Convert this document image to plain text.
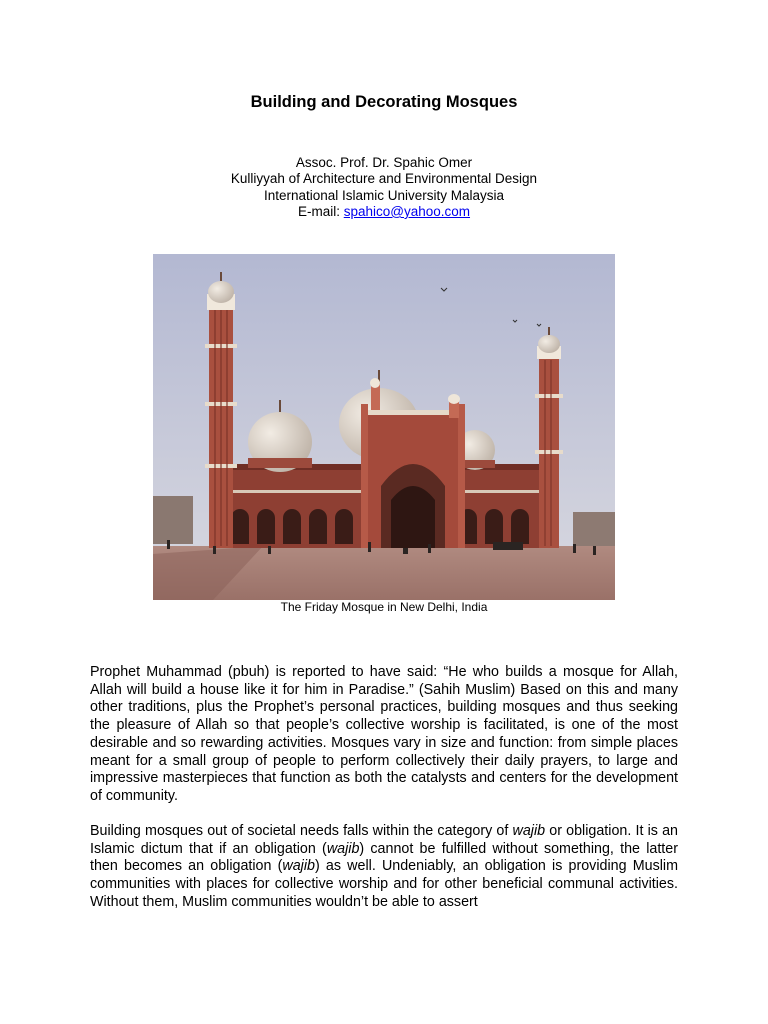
Building and Decorating Mosques
Assoc. Prof. Dr. Spahic Omer
Kulliyyah of Architecture and Environmental Design
International Islamic University Malaysia
E-mail: spahico@yahoo.com
The Friday Mosque in New Delhi, India

Prophet Muhammad (pbuh) is reported to have said: “He who builds a mosque for Allah, Allah will build a house like it for him in Paradise.” (Sahih Muslim) Based on this and many other traditions, plus the Prophet’s personal practices, building mosques and thus seeking the pleasure of Allah so that people’s collective worship is facilitated, is one of the most desirable and so rewarding activities. Mosques vary in size and function: from simple places meant for a small group of people to perform collectively their daily prayers, to large and impressive masterpieces that function as both the catalysts and centers for the development of community.

Building mosques out of societal needs falls within the category of wajib or obligation. It is an Islamic dictum that if an obligation (wajib) cannot be fulfilled without something, the latter then becomes an obligation (wajib) as well. Undeniably, an obligation is providing Muslim communities with places for collective worship and for other beneficial communal activities. Without them, Muslim communities wouldn’t be able to assert
